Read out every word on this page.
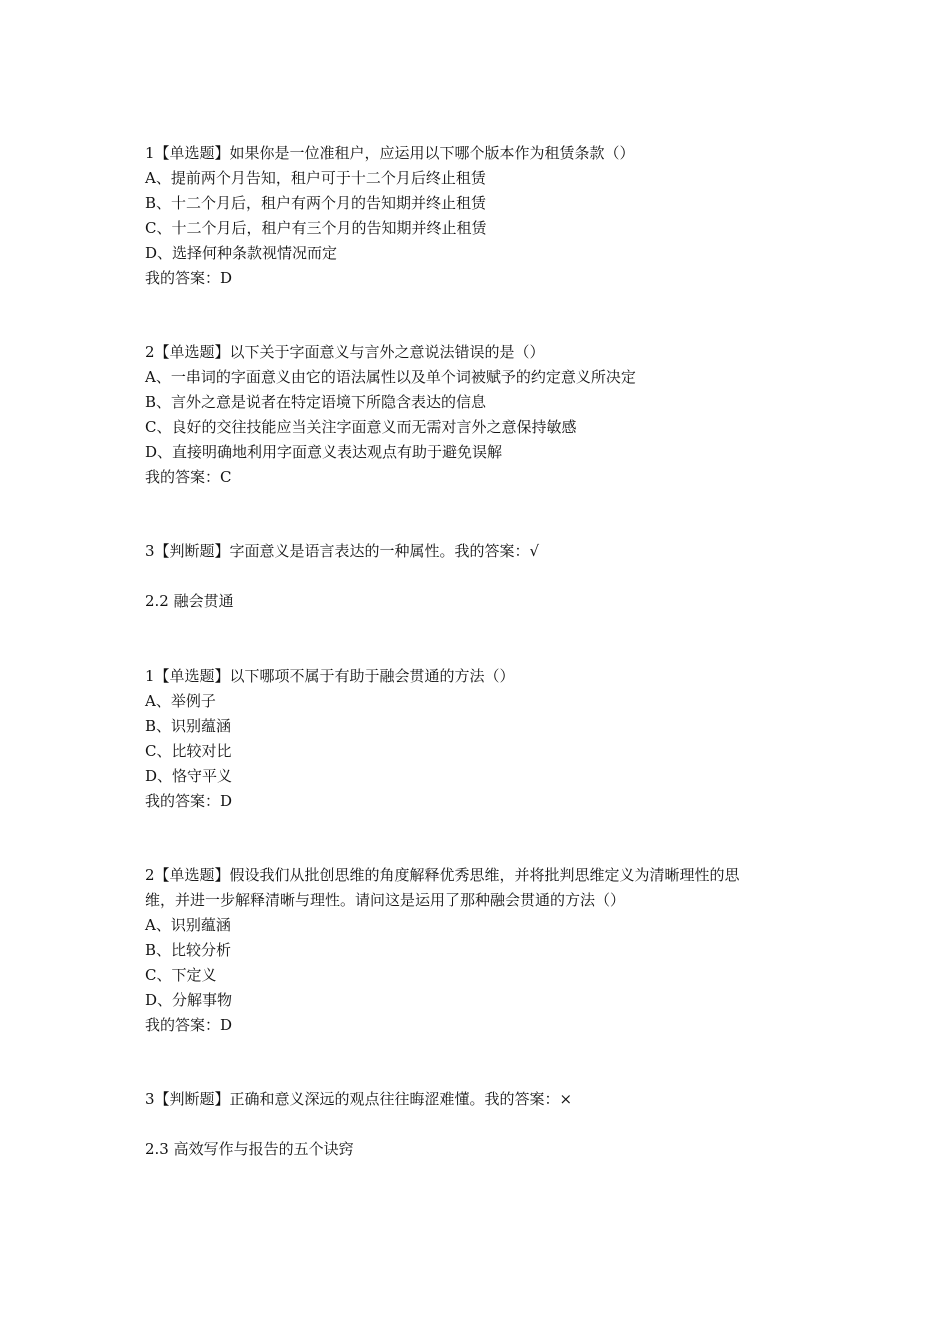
1【单选题】如果你是一位准租户，应运用以下哪个版本作为租赁条款（）

A、提前两个月告知，租户可于十二个月后终止租赁

B、十二个月后，租户有两个月的告知期并终止租赁

C、十二个月后，租户有三个月的告知期并终止租赁

D、选择何种条款视情况而定

我的答案：D

2【单选题】以下关于字面意义与言外之意说法错误的是（）

A、一串词的字面意义由它的语法属性以及单个词被赋予的约定意义所决定

B、言外之意是说者在特定语境下所隐含表达的信息

C、良好的交往技能应当关注字面意义而无需对言外之意保持敏感

D、直接明确地利用字面意义表达观点有助于避免误解

我的答案：C

3【判断题】字面意义是语言表达的一种属性。我的答案：√

2.2 融会贯通

1【单选题】以下哪项不属于有助于融会贯通的方法（）

A、举例子

B、识别蕴涵

C、比较对比

D、恪守平义

我的答案：D

2【单选题】假设我们从批创思维的角度解释优秀思维，并将批判思维定义为清晰理性的思

维，并进一步解释清晰与理性。请问这是运用了那种融会贯通的方法（）

A、识别蕴涵

B、比较分析

C、下定义

D、分解事物

我的答案：D

3【判断题】正确和意义深远的观点往往晦涩难懂。我的答案：×

2.3 高效写作与报告的五个诀窍
